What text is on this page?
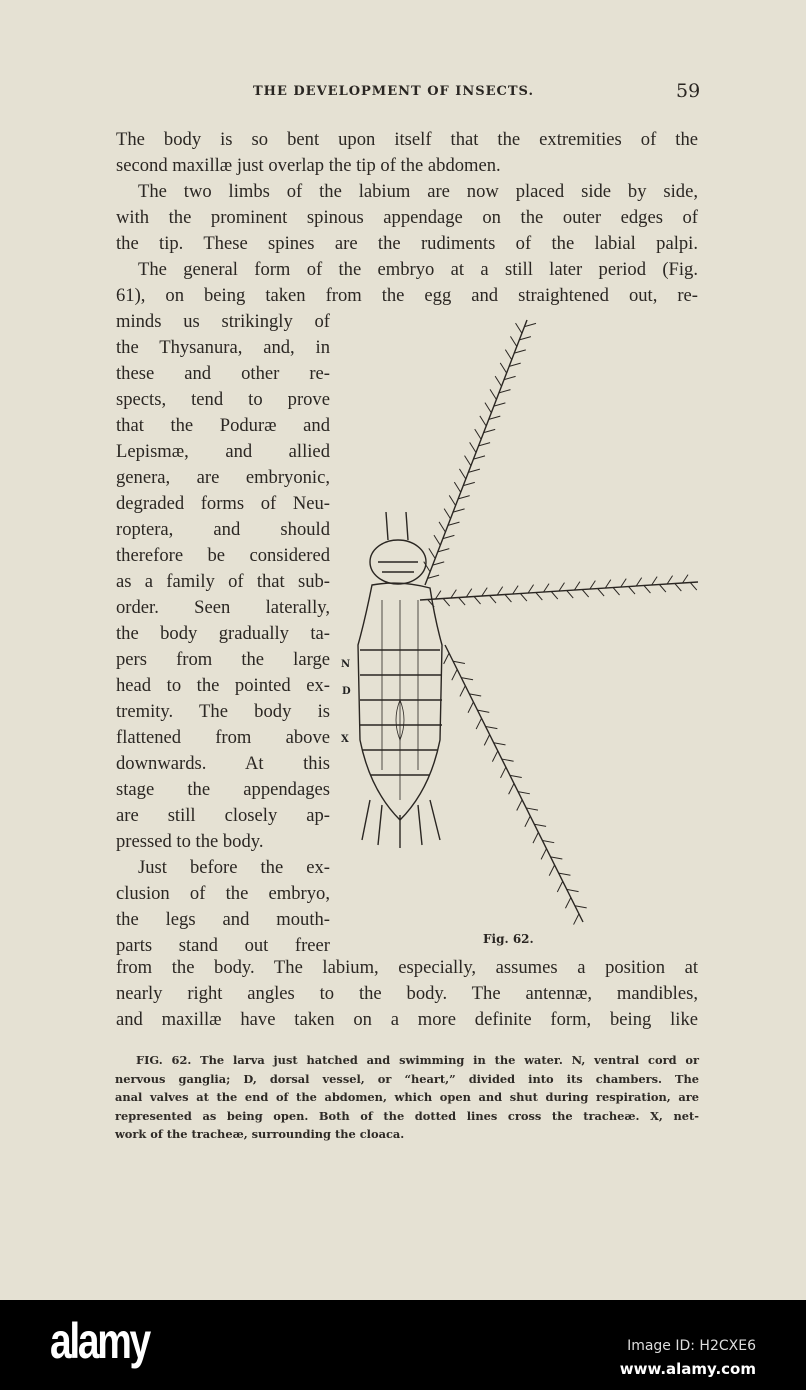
THE DEVELOPMENT OF INSECTS.	59
The body is so bent upon itself that the extremities of the
second maxillæ just overlap the tip of the abdomen.
The two limbs of the labium are now placed side by side,
with the prominent spinous appendage on the outer edges of
the tip. These spines are the rudiments of the labial palpi.
The general form of the embryo at a still later period (Fig.
61), on being taken from the egg and straightened out, re-
minds us strikingly of
the Thysanura, and, in
these and other re-
spects, tend to prove
that the Poduræ and
Lepismæ, and allied
genera, are embryonic,
degraded forms of Neu-
roptera, and should
therefore be considered
as a family of that sub-
order. Seen laterally,
the body gradually ta-
pers from the large
head to the pointed ex-
tremity. The body is
flattened from above
downwards. At this
stage the appendages
are still closely ap-
pressed to the body.
Just before the ex-
clusion of the embryo,
the legs and mouth-
parts stand out freer
from the body. The labium, especially, assumes a position at
nearly right angles to the body. The antennæ, mandibles,
and maxillæ have taken on a more definite form, being like
N
D
X
Fig. 62.
FIG. 62. The larva just hatched and swimming in the water. N, ventral cord or
nervous ganglia; D, dorsal vessel, or “heart,” divided into its chambers. The
anal valves at the end of the abdomen, which open and shut during respiration, are
represented as being open. Both of the dotted lines cross the tracheæ. X, net-
work of the tracheæ, surrounding the cloaca.
alamy	Image ID: H2CXE6
www.alamy.com
